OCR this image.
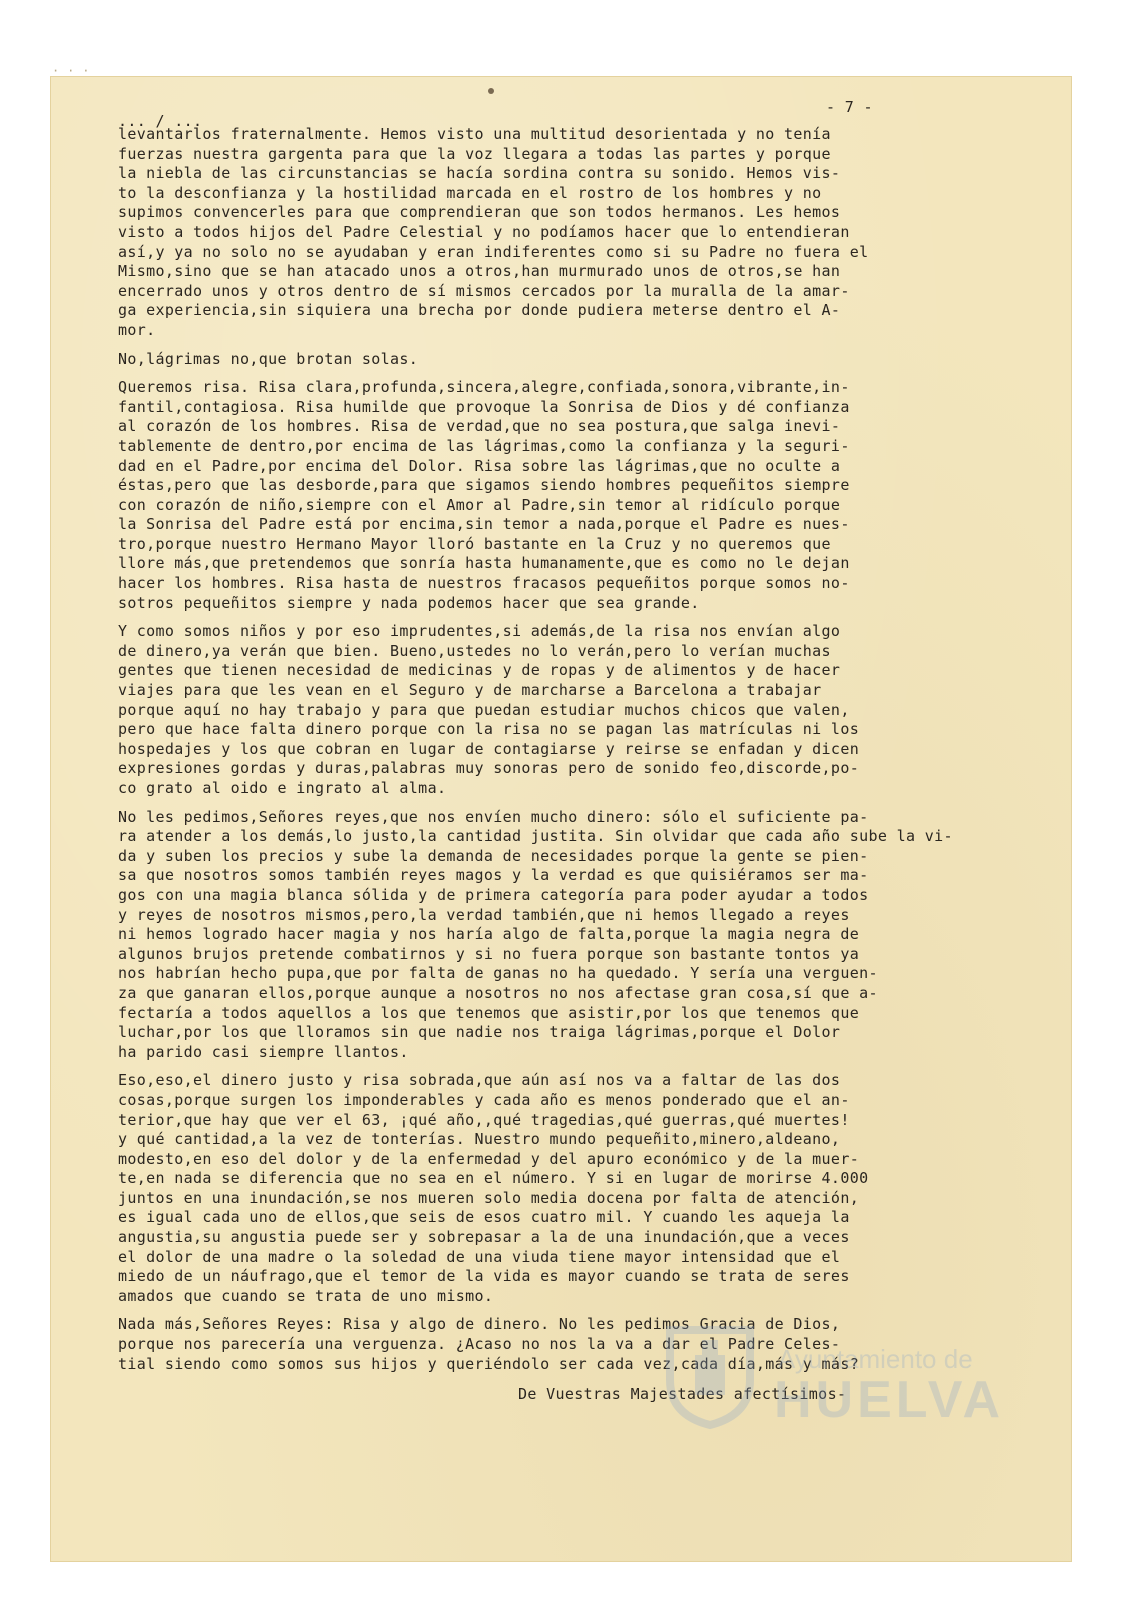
· · ·
... / ...
- 7 -
levantarlos fraternalmente. Hemos visto una multitud desorientada y no tenía
fuerzas nuestra gargenta para que la voz llegara a todas las partes y porque
la niebla de las circunstancias se hacía sordina contra su sonido. Hemos vis-
to la desconfianza y la hostilidad marcada en el rostro de los hombres y no
supimos convencerles para que comprendieran que son todos hermanos. Les hemos
visto a todos hijos del Padre Celestial y no podíamos hacer que lo entendieran
así,y ya no solo no se ayudaban y eran indiferentes como si su Padre no fuera el
Mismo,sino que se han atacado unos a otros,han murmurado unos de otros,se han
encerrado unos y otros dentro de sí mismos cercados por la muralla de la amar-
ga experiencia,sin siquiera una brecha por donde pudiera meterse dentro el A-
mor.
No,lágrimas no,que brotan solas.
Queremos risa. Risa clara,profunda,sincera,alegre,confiada,sonora,vibrante,in-
fantil,contagiosa. Risa humilde que provoque la Sonrisa de Dios y dé confianza
al corazón de los hombres. Risa de verdad,que no sea postura,que salga inevi-
tablemente de dentro,por encima de las lágrimas,como la confianza y la seguri-
dad en el Padre,por encima del Dolor. Risa sobre las lágrimas,que no oculte a
éstas,pero que las desborde,para que sigamos siendo hombres pequeñitos siempre
con corazón de niño,siempre con el Amor al Padre,sin temor al ridículo porque
la Sonrisa del Padre está por encima,sin temor a nada,porque el Padre es nues-
tro,porque nuestro Hermano Mayor lloró bastante en la Cruz y no queremos que
llore más,que pretendemos que sonría hasta humanamente,que es como no le dejan
hacer los hombres. Risa hasta de nuestros fracasos pequeñitos porque somos no-
sotros pequeñitos siempre y nada podemos hacer que sea grande.
Y como somos niños y por eso imprudentes,si además,de la risa nos envían algo
de dinero,ya verán que bien. Bueno,ustedes no lo verán,pero lo verían muchas
gentes que tienen necesidad de medicinas y de ropas y de alimentos y de hacer
viajes para que les vean en el Seguro y de marcharse a Barcelona a trabajar
porque aquí no hay trabajo y para que puedan estudiar muchos chicos que valen,
pero que hace falta dinero porque con la risa no se pagan las matrículas ni los
hospedajes y los que cobran en lugar de contagiarse y reirse se enfadan y dicen
expresiones gordas y duras,palabras muy sonoras pero de sonido feo,discorde,po-
co grato al oido e ingrato al alma.
No les pedimos,Señores reyes,que nos envíen mucho dinero: sólo el suficiente pa-
ra atender a los demás,lo justo,la cantidad justita. Sin olvidar que cada año sube la vi-
da y suben los precios y sube la demanda de necesidades porque la gente se pien-
sa que nosotros somos también reyes magos y la verdad es que quisiéramos ser ma-
gos con una magia blanca sólida y de primera categoría para poder ayudar a todos
y reyes de nosotros mismos,pero,la verdad también,que ni hemos llegado a reyes
ni hemos logrado hacer magia y nos haría algo de falta,porque la magia negra de
algunos brujos pretende combatirnos y si no fuera porque son bastante tontos ya
nos habrían hecho pupa,que por falta de ganas no ha quedado. Y sería una verguen-
za que ganaran ellos,porque aunque a nosotros no nos afectase gran cosa,sí que a-
fectaría a todos aquellos a los que tenemos que asistir,por los que tenemos que
luchar,por los que lloramos sin que nadie nos traiga lágrimas,porque el Dolor
ha parido casi siempre llantos.
Eso,eso,el dinero justo y risa sobrada,que aún así nos va a faltar de las dos
cosas,porque surgen los imponderables y cada año es menos ponderado que el an-
terior,que hay que ver el 63, ¡qué año,,qué tragedias,qué guerras,qué muertes!
y qué cantidad,a la vez de tonterías. Nuestro mundo pequeñito,minero,aldeano,
modesto,en eso del dolor y de la enfermedad y del apuro económico y de la muer-
te,en nada se diferencia que no sea en el número. Y si en lugar de morirse 4.000
juntos en una inundación,se nos mueren solo media docena por falta de atención,
es igual cada uno de ellos,que seis de esos cuatro mil. Y cuando les aqueja la
angustia,su angustia puede ser y sobrepasar a la de una inundación,que a veces
el dolor de una madre o la soledad de una viuda tiene mayor intensidad que el
miedo de un náufrago,que el temor de la vida es mayor cuando se trata de seres
amados que cuando se trata de uno mismo.
Nada más,Señores Reyes: Risa y algo de dinero. No les pedimos Gracia de Dios,
porque nos parecería una verguenza. ¿Acaso no nos la va a dar el Padre Celes-
tial siendo como somos sus hijos y queriéndolo ser cada vez,cada día,más y más?
De Vuestras Majestades afectísimos-
Ayuntamiento de
HUELVA
